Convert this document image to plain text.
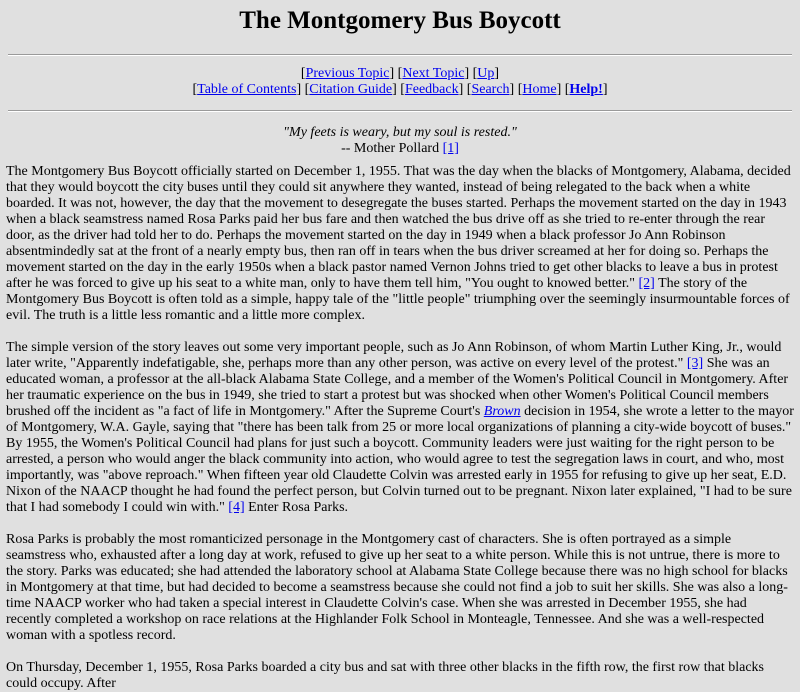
The Montgomery Bus Boycott
[Previous Topic] [Next Topic] [Up]
[Table of Contents] [Citation Guide] [Feedback] [Search] [Home] [Help!]
"My feets is weary, but my soul is rested."
-- Mother Pollard [1]

The Montgomery Bus Boycott officially started on December 1, 1955. That was the day when the blacks of Montgomery, Alabama, decided that they would boycott the city buses until they could sit anywhere they wanted, instead of being relegated to the back when a white boarded. It was not, however, the day that the movement to desegregate the buses started. Perhaps the movement started on the day in 1943 when a black seamstress named Rosa Parks paid her bus fare and then watched the bus drive off as she tried to re-enter through the rear door, as the driver had told her to do. Perhaps the movement started on the day in 1949 when a black professor Jo Ann Robinson absentmindedly sat at the front of a nearly empty bus, then ran off in tears when the bus driver screamed at her for doing so. Perhaps the movement started on the day in the early 1950s when a black pastor named Vernon Johns tried to get other blacks to leave a bus in protest after he was forced to give up his seat to a white man, only to have them tell him, "You ought to knowed better." [2] The story of the Montgomery Bus Boycott is often told as a simple, happy tale of the "little people" triumphing over the seemingly insurmountable forces of evil. The truth is a little less romantic and a little more complex.

The simple version of the story leaves out some very important people, such as Jo Ann Robinson, of whom Martin Luther King, Jr., would later write, "Apparently indefatigable, she, perhaps more than any other person, was active on every level of the protest." [3] She was an educated woman, a professor at the all-black Alabama State College, and a member of the Women's Political Council in Montgomery. After her traumatic experience on the bus in 1949, she tried to start a protest but was shocked when other Women's Political Council members brushed off the incident as "a fact of life in Montgomery." After the Supreme Court's Brown decision in 1954, she wrote a letter to the mayor of Montgomery, W.A. Gayle, saying that "there has been talk from 25 or more local organizations of planning a city-wide boycott of buses." By 1955, the Women's Political Council had plans for just such a boycott. Community leaders were just waiting for the right person to be arrested, a person who would anger the black community into action, who would agree to test the segregation laws in court, and who, most importantly, was "above reproach." When fifteen year old Claudette Colvin was arrested early in 1955 for refusing to give up her seat, E.D. Nixon of the NAACP thought he had found the perfect person, but Colvin turned out to be pregnant. Nixon later explained, "I had to be sure that I had somebody I could win with." [4] Enter Rosa Parks.

Rosa Parks is probably the most romanticized personage in the Montgomery cast of characters. She is often portrayed as a simple seamstress who, exhausted after a long day at work, refused to give up her seat to a white person. While this is not untrue, there is more to the story. Parks was educated; she had attended the laboratory school at Alabama State College because there was no high school for blacks in Montgomery at that time, but had decided to become a seamstress because she could not find a job to suit her skills. She was also a long-time NAACP worker who had taken a special interest in Claudette Colvin's case. When she was arrested in December 1955, she had recently completed a workshop on race relations at the Highlander Folk School in Monteagle, Tennessee. And she was a well-respected woman with a spotless record.

On Thursday, December 1, 1955, Rosa Parks boarded a city bus and sat with three other blacks in the fifth row, the first row that blacks could occupy. After
